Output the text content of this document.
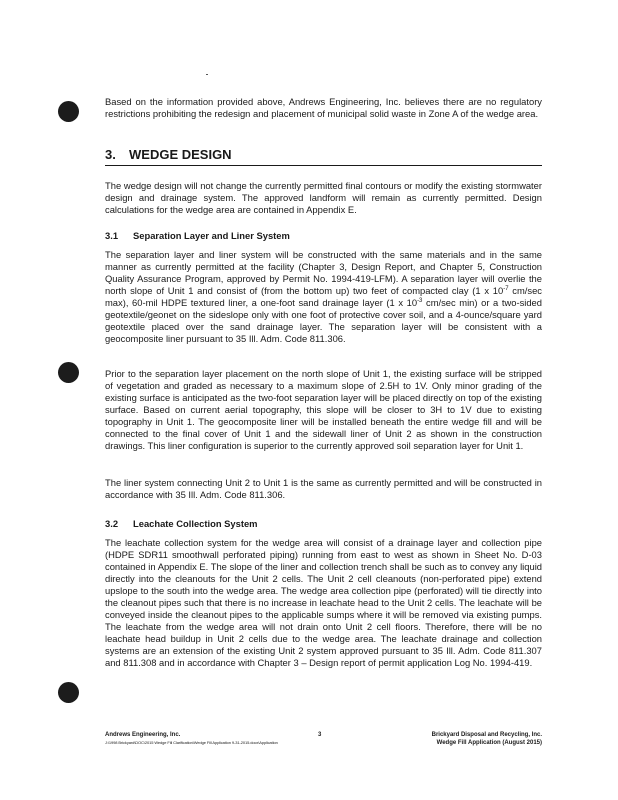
Based on the information provided above, Andrews Engineering, Inc. believes there are no regulatory restrictions prohibiting the redesign and placement of municipal solid waste in Zone A of the wedge area.

3. WEDGE DESIGN

The wedge design will not change the currently permitted final contours or modify the existing stormwater design and drainage system. The approved landform will remain as currently permitted. Design calculations for the wedge area are contained in Appendix E.

3.1 Separation Layer and Liner System

The separation layer and liner system will be constructed with the same materials and in the same manner as currently permitted at the facility (Chapter 3, Design Report, and Chapter 5, Construction Quality Assurance Program, approved by Permit No. 1994-419-LFM). A separation layer will overlie the north slope of Unit 1 and consist of (from the bottom up) two feet of compacted clay (1 x $10^{-7}$ cm/sec max), 60-mil HDPE textured liner, a one-foot sand drainage layer (1 x $10^{-3}$ cm/sec min) or a two-sided geotextile/geonet on the sideslope only with one foot of protective cover soil, and a 4-ounce/square yard geotextile placed over the sand drainage layer. The separation layer will be consistent with a geocomposite liner pursuant to 35 Ill. Adm. Code 811.306.

Prior to the separation layer placement on the north slope of Unit 1, the existing surface will be stripped of vegetation and graded as necessary to a maximum slope of 2.5H to 1V. Only minor grading of the existing surface is anticipated as the two-foot separation layer will be placed directly on top of the existing surface. Based on current aerial topography, this slope will be closer to 3H to 1V due to existing topography in Unit 1. The geocomposite liner will be installed beneath the entire wedge fill and will be connected to the final cover of Unit 1 and the sidewall liner of Unit 2 as shown in the construction drawings. This liner configuration is superior to the currently approved soil separation layer for Unit 1.

The liner system connecting Unit 2 to Unit 1 is the same as currently permitted and will be constructed in accordance with 35 Ill. Adm. Code 811.306.

3.2 Leachate Collection System

The leachate collection system for the wedge area will consist of a drainage layer and collection pipe (HDPE SDR11 smoothwall perforated piping) running from east to west as shown in Sheet No. D-03 contained in Appendix E. The slope of the liner and collection trench shall be such as to convey any liquid directly into the cleanouts for the Unit 2 cells. The Unit 2 cell cleanouts (non-perforated pipe) extend upslope to the south into the wedge area. The wedge area collection pipe (perforated) will tie directly into the cleanout pipes such that there is no increase in leachate head to the Unit 2 cells. The leachate will be conveyed inside the cleanout pipes to the applicable sumps where it will be removed via existing pumps. The leachate from the wedge area will not drain onto Unit 2 cell floors. Therefore, there will be no leachate head buildup in Unit 2 cells due to the wedge area. The leachate drainage and collection systems are an extension of the existing Unit 2 system approved pursuant to 35 Ill. Adm. Code 811.307 and 811.308 and in accordance with Chapter 3 – Design report of permit application Log No. 1994-419.

Andrews Engineering, Inc.
J:\1998 Brickyard\DOC\2015 Wedge Fill Clarification\Wedge Fill Application 9-31-2015.docx\Application
3	Brickyard Disposal and Recycling, Inc.
Wedge Fill Application (August 2015)
